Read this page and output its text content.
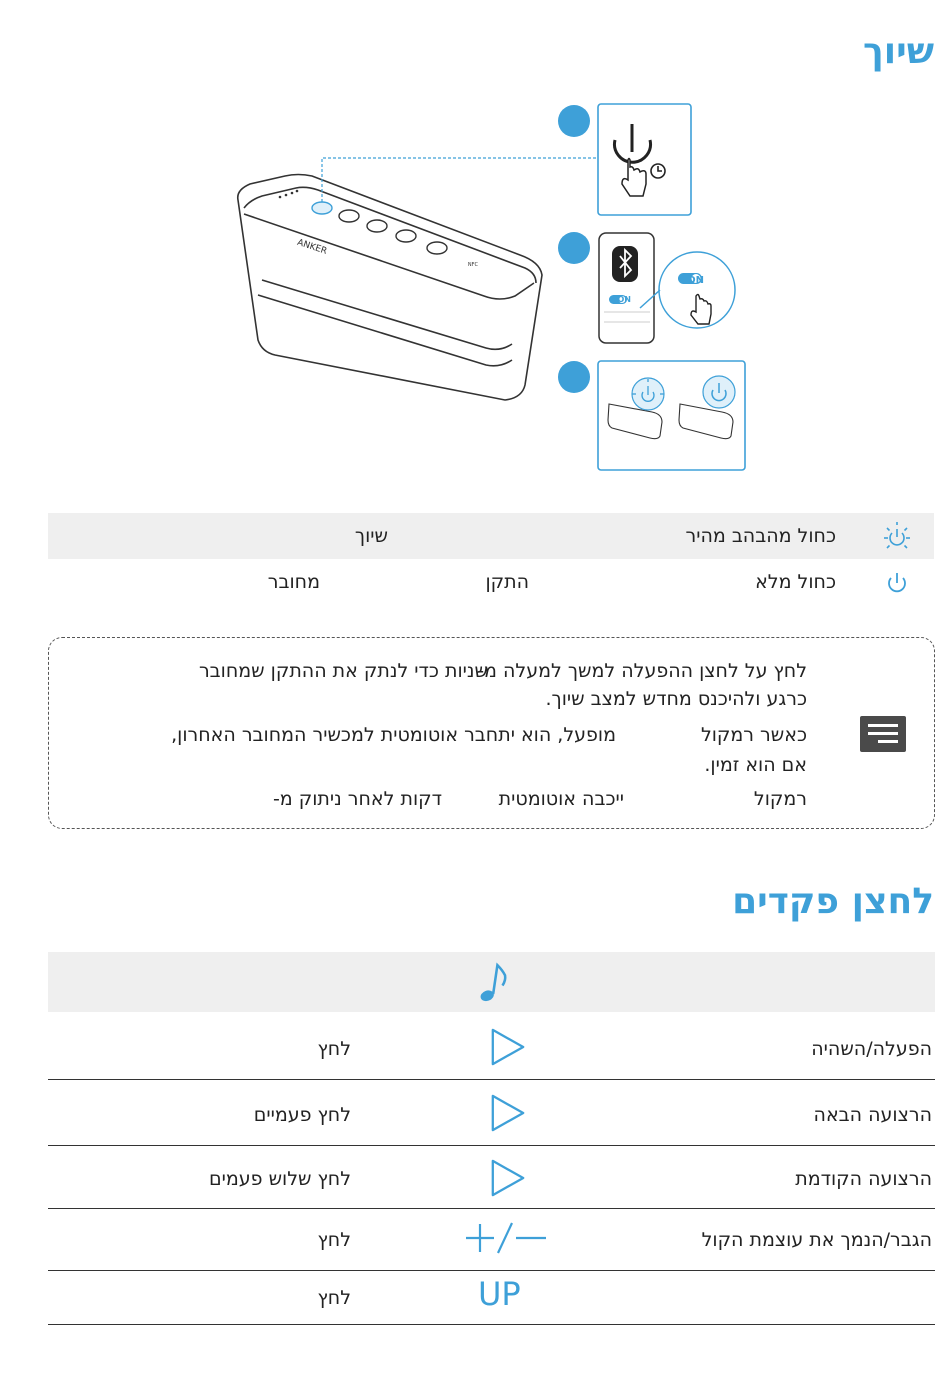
שיוך
ANKER
NFC
ON
ON
כחול מהבהב מהיר
שיוך
כחול מלא
התקן
מחובר
לחץ על לחצן ההפעלה למשך למעלה מ-
שניות כדי לנתק את ההתקן שמחובר
כרגע ולהיכנס מחדש למצב שיוך.
כאשר רמקול
מופעל, הוא יתחבר אוטומטית למכשיר המחובר האחרון,
אם הוא זמין.
רמקול
ייכבה אוטומטית
דקות לאחר ניתוק מ-
לחצן פקדים
הפעלה/השהיה
לחץ
הרצועה הבאה
לחץ פעמיים
הרצועה הקודמת
לחץ שלוש פעמים
הגבר/הנמך את עוצמת הקול
לחץ
UP
לחץ
